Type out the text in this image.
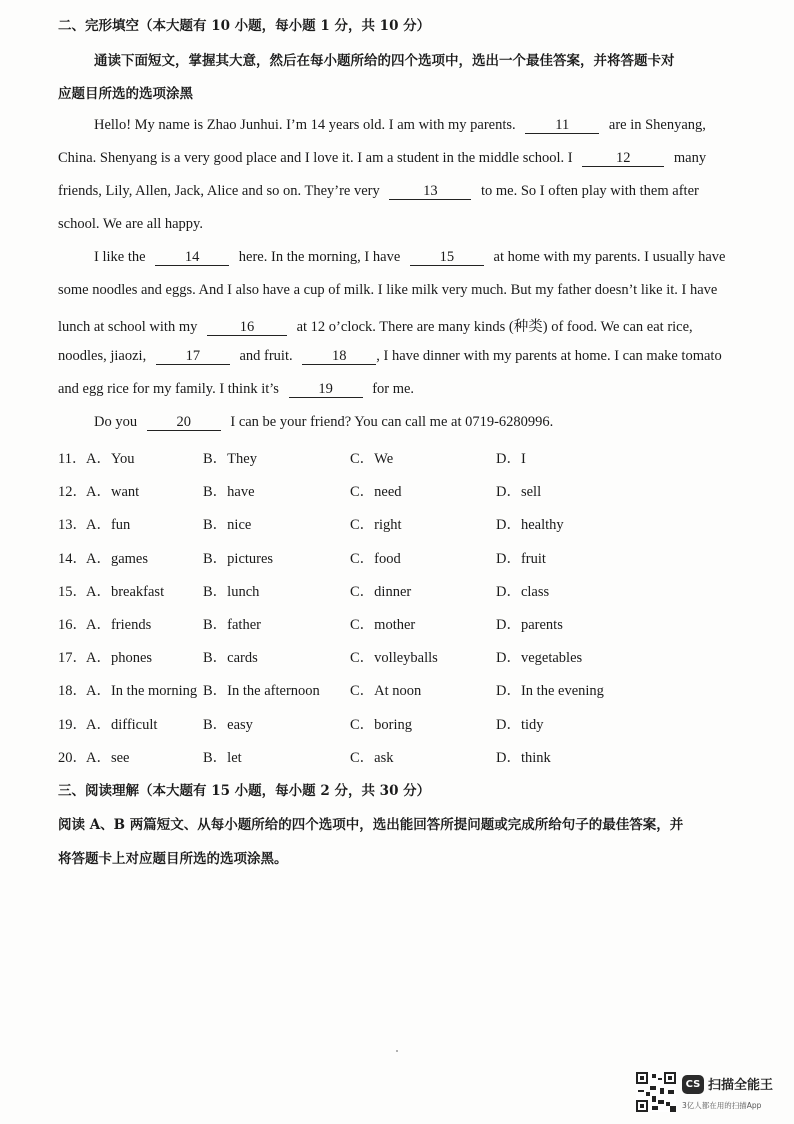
二、完形填空（本大题有 10 小题，每小题 1 分，共 10 分）
通读下面短文，掌握其大意，然后在每小题所给的四个选项中，选出一个最佳答案，并将答题卡对
应题目所选的选项涂黑
Hello! My name is Zhao Junhui. I’m 14 years old. I am with my parents.	11	are in Shenyang,
China. Shenyang is a very good place and I love it. I am a student in the middle school. I	12	many
friends, Lily, Allen, Jack, Alice and so on. They’re very	13	to me. So I often play with them after
school. We are all happy.
I like the	14	here. In the morning, I have	15	at home with my parents. I usually have
some noodles and eggs. And I also have a cup of milk. I like milk very much. But my father doesn’t like it. I have
lunch at school with my	16	at 12 o’clock. There are many kinds (种类) of food. We can eat rice,
noodles, jiaozi,	17	and fruit.	18 , I have dinner with my parents at home. I can make tomato
and egg rice for my family. I think it’s	19	for me.
Do you	20	I can be your friend? You can call me at 0719-6280996.
11． A．You	B．They	C．We	D．I
12． A．want	B．have	C．need	D．sell
13． A．fun	B．nice	C．right	D．healthy
14． A．games	B．pictures	C．food	D．fruit
15． A．breakfast	B．lunch	C．dinner	D．class
16． A．friends	B．father	C．mother	D．parents
17． A．phones	B．cards	C．volleyballs	D．vegetables
18． A．In the morning B．In the afternoon C．At noon	D．In the evening
19． A．difficult	B．easy	C．boring	D．tidy
20． A．see	B．let	C．ask	D．think
三、阅读理解（本大题有 15 小题，每小题 2 分，共 30 分）
阅读 A、B 两篇短文、从每小题所给的四个选项中，选出能回答所提问题或完成所给句子的最佳答案，并
将答题卡上对应题目所选的选项涂黑。
CS 扫描全能王
3亿人都在用的扫描App
